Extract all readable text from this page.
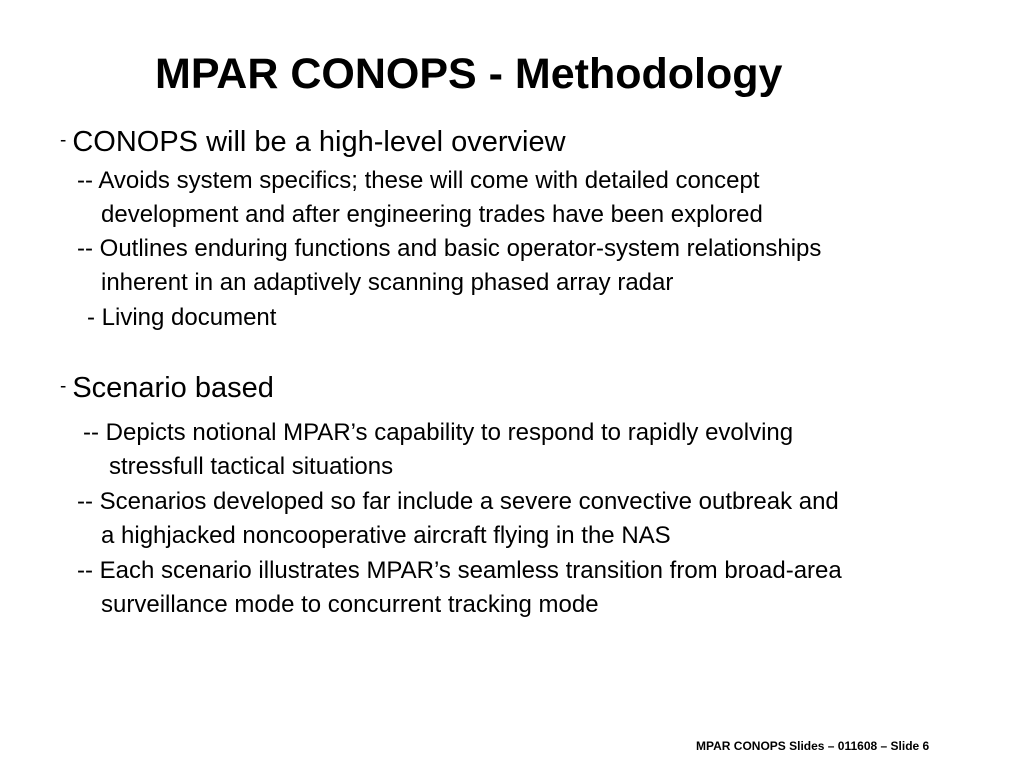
MPAR CONOPS - Methodology
- CONOPS will be a high-level overview
-- Avoids system specifics; these will come with detailed concept
development and after engineering trades have been explored
-- Outlines enduring functions and basic operator-system relationships
inherent in an adaptively scanning phased array radar
- Living document
- Scenario based
-- Depicts notional MPAR’s capability to respond to rapidly evolving
stressfull tactical situations
-- Scenarios developed so far include a severe convective outbreak and
a highjacked noncooperative aircraft flying in the NAS
-- Each scenario illustrates MPAR’s seamless transition from broad-area
surveillance mode to concurrent tracking mode
MPAR CONOPS Slides – 011608 – Slide 6
